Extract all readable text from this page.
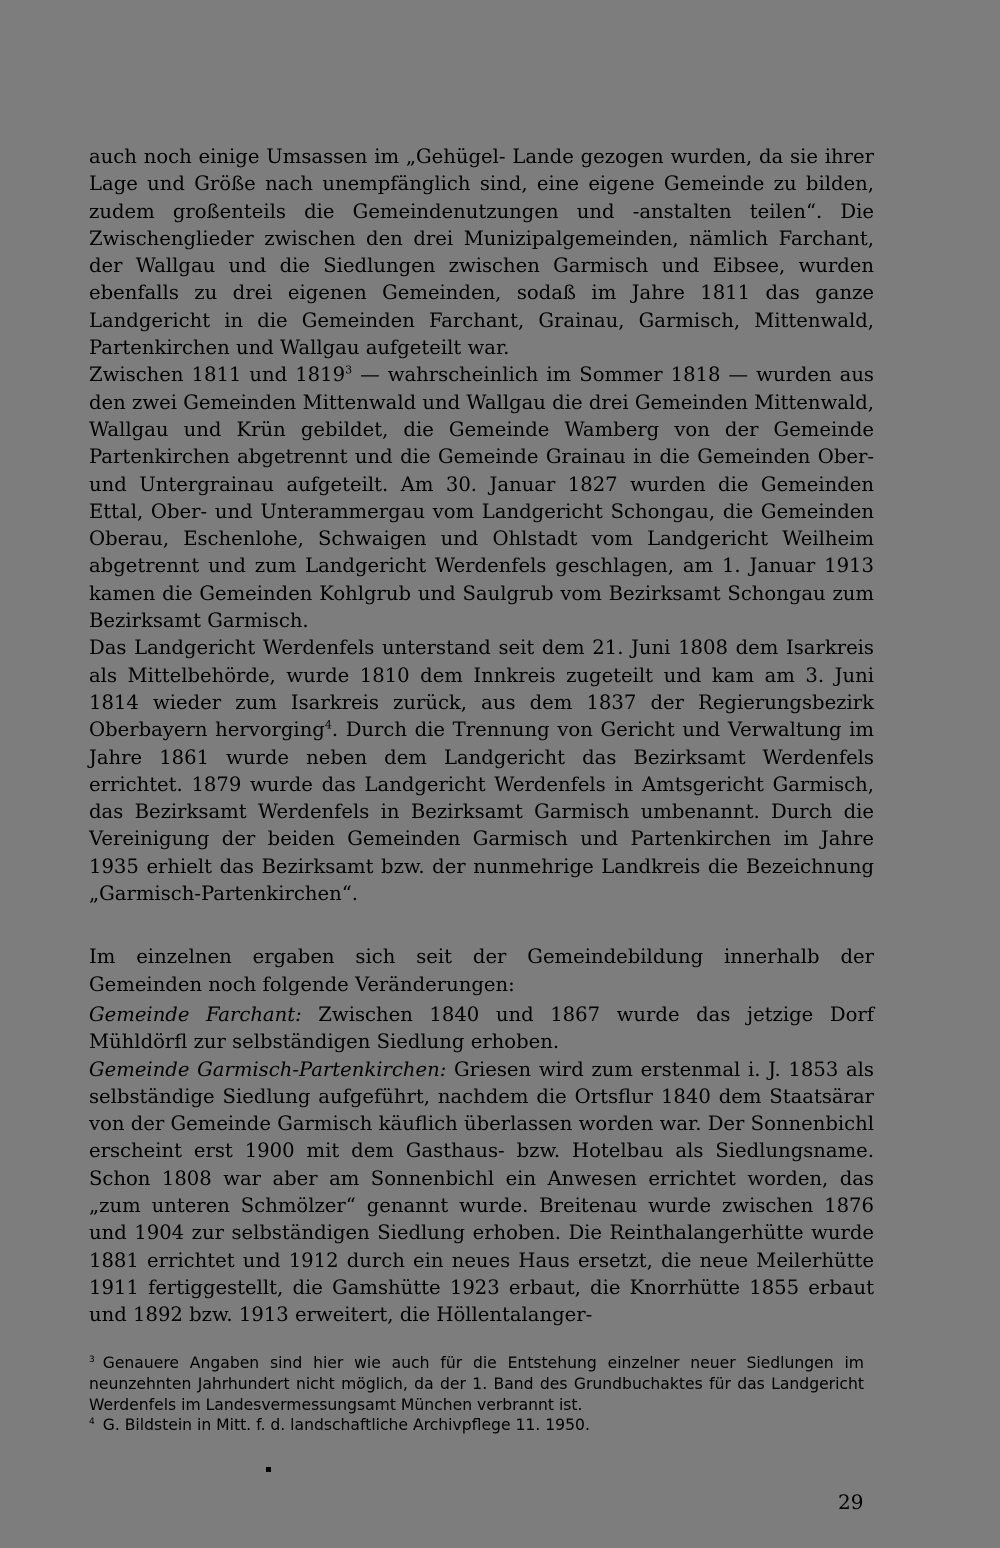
auch noch einige Umsassen im „Gehügel- Lande gezogen wurden, da sie ihrer Lage und Größe nach unempfänglich sind, eine eigene Gemeinde zu bilden, zudem großenteils die Gemeindenutzungen und -anstalten teilen“. Die Zwischenglieder zwischen den drei Munizipalgemeinden, nämlich Farchant, der Wallgau und die Siedlungen zwischen Garmisch und Eibsee, wurden ebenfalls zu drei eigenen Gemeinden, sodaß im Jahre 1811 das ganze Landgericht in die Gemeinden Farchant, Grainau, Garmisch, Mittenwald, Partenkirchen und Wallgau aufgeteilt war.

Zwischen 1811 und 1819$^3$ — wahrscheinlich im Sommer 1818 — wurden aus den zwei Gemeinden Mittenwald und Wallgau die drei Gemeinden Mittenwald, Wallgau und Krün gebildet, die Gemeinde Wamberg von der Gemeinde Partenkirchen abgetrennt und die Gemeinde Grainau in die Gemeinden Ober- und Untergrainau aufgeteilt. Am 30. Januar 1827 wurden die Gemeinden Ettal, Ober- und Unterammergau vom Landgericht Schongau, die Gemeinden Oberau, Eschenlohe, Schwaigen und Ohlstadt vom Landgericht Weilheim abgetrennt und zum Landgericht Werdenfels geschlagen, am 1. Januar 1913 kamen die Gemeinden Kohlgrub und Saulgrub vom Bezirksamt Schongau zum Bezirksamt Garmisch.

Das Landgericht Werdenfels unterstand seit dem 21. Juni 1808 dem Isarkreis als Mittelbehörde, wurde 1810 dem Innkreis zugeteilt und kam am 3. Juni 1814 wieder zum Isarkreis zurück, aus dem 1837 der Regierungsbezirk Oberbayern hervorging$^4$. Durch die Trennung von Gericht und Verwaltung im Jahre 1861 wurde neben dem Landgericht das Bezirksamt Werdenfels errichtet. 1879 wurde das Landgericht Werdenfels in Amtsgericht Garmisch, das Bezirksamt Werdenfels in Bezirksamt Garmisch umbenannt. Durch die Vereinigung der beiden Gemeinden Garmisch und Partenkirchen im Jahre 1935 erhielt das Bezirksamt bzw. der nunmehrige Landkreis die Bezeichnung „Garmisch-Partenkirchen“.

Im einzelnen ergaben sich seit der Gemeindebildung innerhalb der Gemeinden noch folgende Veränderungen:

Gemeinde Farchant: Zwischen 1840 und 1867 wurde das jetzige Dorf Mühldörfl zur selbständigen Siedlung erhoben.

Gemeinde Garmisch-Partenkirchen: Griesen wird zum erstenmal i. J. 1853 als selbständige Siedlung aufgeführt, nachdem die Ortsflur 1840 dem Staatsärar von der Gemeinde Garmisch käuflich überlassen worden war. Der Sonnenbichl erscheint erst 1900 mit dem Gasthaus- bzw. Hotelbau als Siedlungsname. Schon 1808 war aber am Sonnenbichl ein Anwesen errichtet worden, das „zum unteren Schmölzer“ genannt wurde. Breitenau wurde zwischen 1876 und 1904 zur selbständigen Siedlung erhoben. Die Reinthalangerhütte wurde 1881 errichtet und 1912 durch ein neues Haus ersetzt, die neue Meilerhütte 1911 fertiggestellt, die Gamshütte 1923 erbaut, die Knorrhütte 1855 erbaut und 1892 bzw. 1913 erweitert, die Höllentalanger-

$^3$ Genauere Angaben sind hier wie auch für die Entstehung einzelner neuer Siedlungen im neunzehnten Jahrhundert nicht möglich, da der 1. Band des Grundbuchaktes für das Landgericht Werdenfels im Landesvermessungsamt München verbrannt ist.

$^4$ G. Bildstein in Mitt. f. d. landschaftliche Archivpflege 11. 1950.

29
